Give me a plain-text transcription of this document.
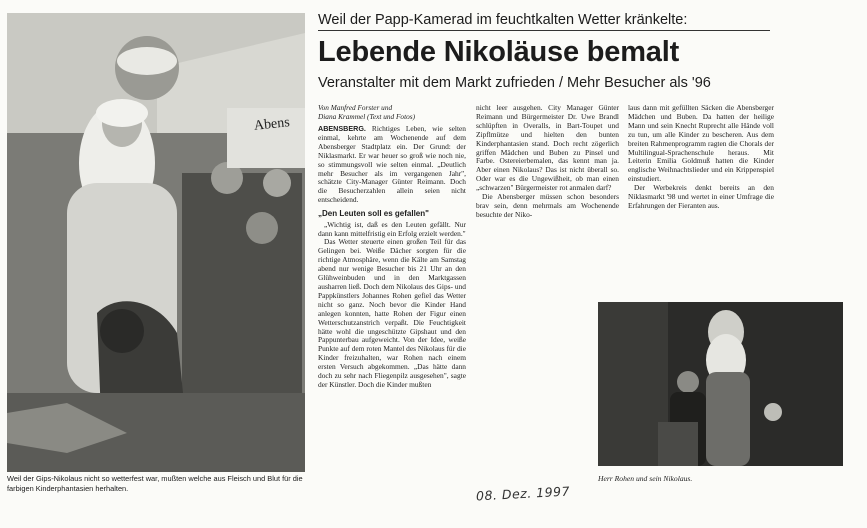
Abens
Weil der Gips-Nikolaus nicht so wetterfest war, mußten welche aus Fleisch und Blut für die farbigen Kinderphantasien herhalten.
Weil der Papp-Kamerad im feuchtkalten Wetter kränkelte:
Lebende Nikoläuse bemalt
Veranstalter mit dem Markt zufrieden / Mehr Besucher als '96
Von Manfred Forster und
Diana Krammel (Text und Fotos)

ABENSBERG. Richtiges Leben, wie selten einmal, kehrte am Wochenende auf dem Abensberger Stadtplatz ein. Der Grund: der Niklasmarkt. Er war heuer so groß wie noch nie, so stimmungsvoll wie selten einmal. „Deutlich mehr Besucher als im vergangenen Jahr", schätzte City-Manager Günter Reimann. Doch die Besucherzahlen allein seien nicht entscheidend.

„Den Leuten soll es gefallen"

„Wichtig ist, daß es den Leuten gefällt. Nur dann kann mittelfristig ein Erfolg erzielt werden."

Das Wetter steuerte einen großen Teil für das Gelingen bei. Weiße Dächer sorgten für die richtige Atmosphäre, wenn die Kälte am Samstag abend nur wenige Besucher bis 21 Uhr an den Glühweinbuden und in den Marktgassen ausharren ließ. Doch dem Nikolaus des Gips- und Pappkünstlers Johannes Rohen gefiel das Wetter nicht so ganz. Noch bevor die Kinder Hand anlegen konnten, hatte Rohen der Figur einen Wetterschutzanstrich verpaßt. Die Feuchtigkeit hätte wohl die ungeschützte Gipshaut und den Pappunterbau aufgeweicht. Von der Idee, weiße Punkte auf dem roten Mantel des Nikolaus für die Kinder freizuhalten, war Rohen nach einem ersten Versuch abgekommen. „Das hätte dann doch zu sehr nach Fliegenpilz ausgesehen", sagte der Künstler. Doch die Kinder mußten

nicht leer ausgehen. City Manager Günter Reimann und Bürgermeister Dr. Uwe Brandl schlüpften in Overalls, in Bart-Toupet und Zipflmütze und hielten den bunten Kinderphantasien stand. Doch recht zögerlich griffen Mädchen und Buben zu Pinsel und Farbe. Ostereierbemalen, das kennt man ja. Aber einen Nikolaus? Das ist nicht überall so. Oder war es die Ungewißheit, ob man einen „schwarzen" Bürgermeister rot anmalen darf?

Die Abensberger müssen schon besonders brav sein, denn mehrmals am Wochenende besuchte der Niko-

laus dann mit gefüllten Säcken die Abensberger Mädchen und Buben. Da hatten der heilige Mann und sein Knecht Ruprecht alle Hände voll zu tun, um alle Kinder zu bescheren. Aus dem breiten Rahmenprogramm ragten die Chorals der Multilingual-Sprachenschule heraus. Mit Leiterin Emilia Goldmuß hatten die Kinder englische Weihnachtslieder und ein Krippenspiel einstudiert.

Der Werbekreis denkt bereits an den Niklasmarkt '98 und wertet in einer Umfrage die Erfahrungen der Fieranten aus.

Herr Rohen und sein Nikolaus.
08. Dez. 1997
